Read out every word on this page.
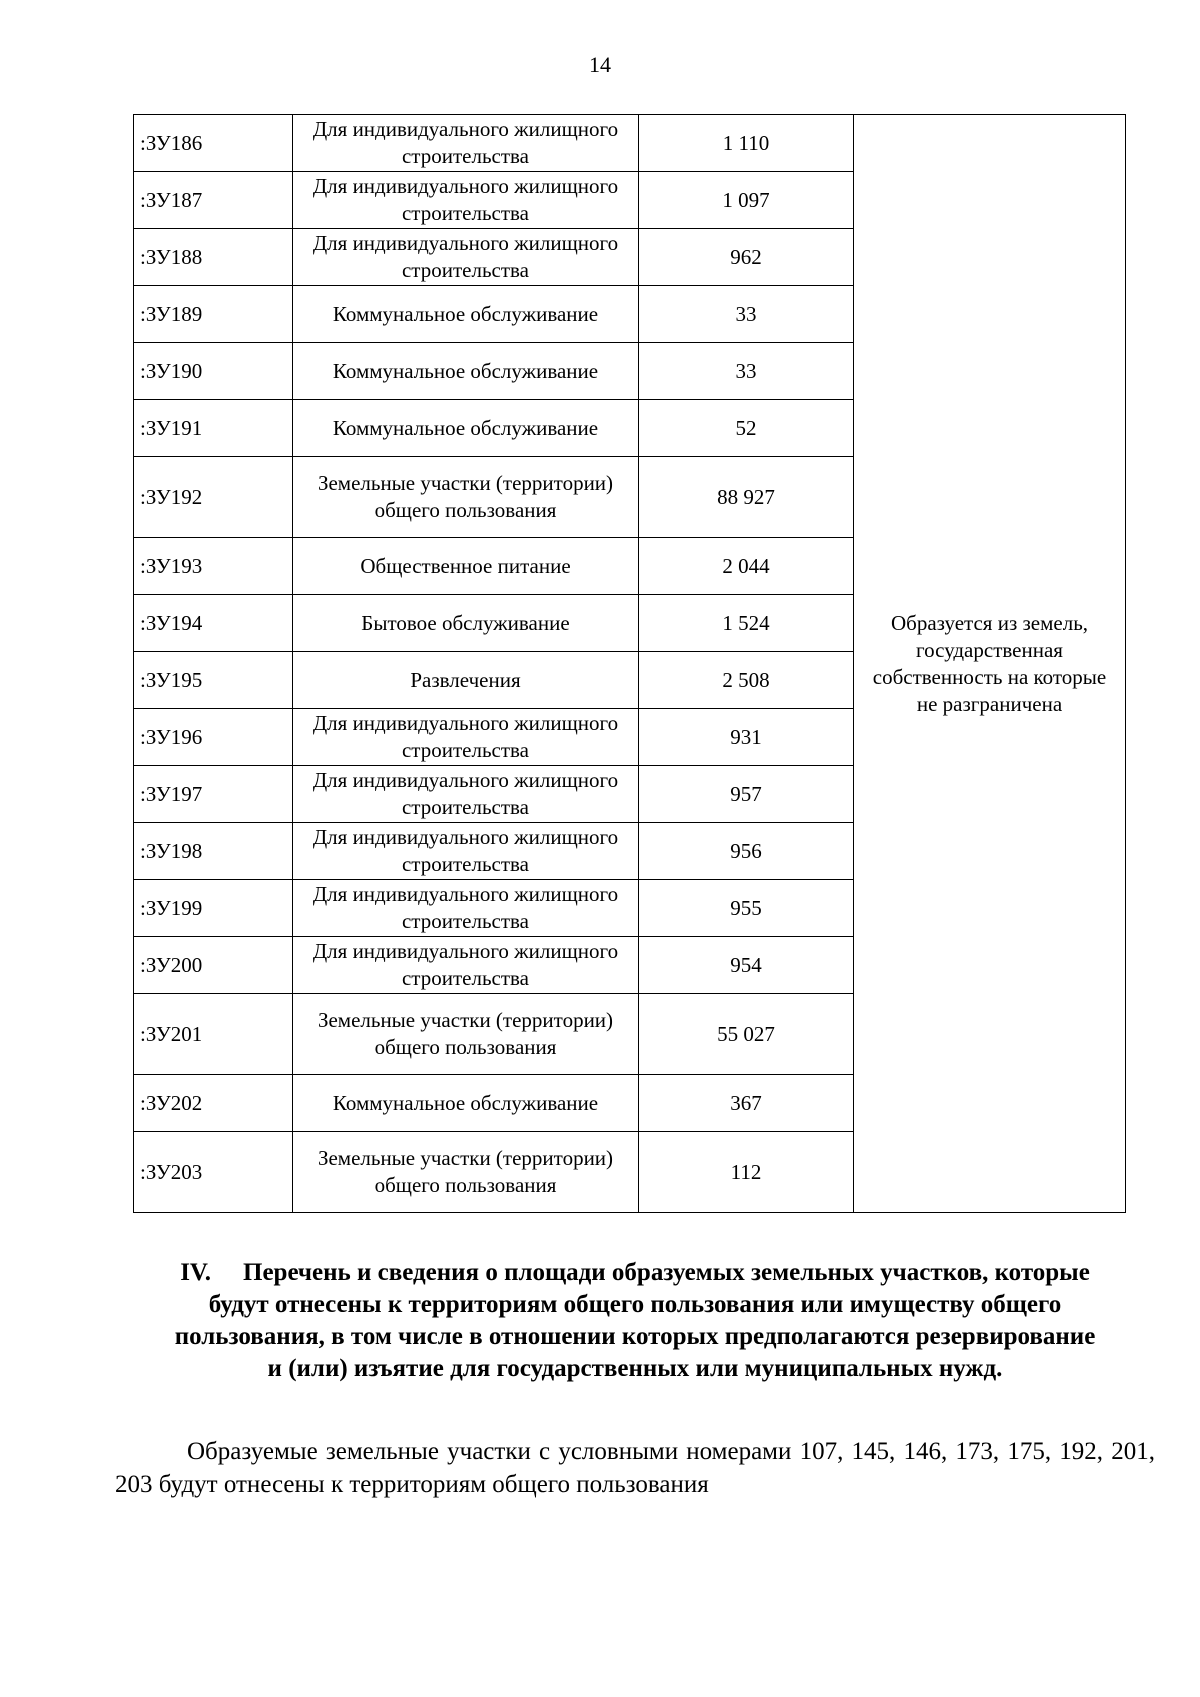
14
:ЗУ186	Для индивидуального жилищного строительства	1 110	Образуется из земель, государственная собственность на которые не разграничена
:ЗУ187	Для индивидуального жилищного строительства	1 097	
:ЗУ188	Для индивидуального жилищного строительства	962	
:ЗУ189	Коммунальное обслуживание	33	
:ЗУ190	Коммунальное обслуживание	33	
:ЗУ191	Коммунальное обслуживание	52	
:ЗУ192	Земельные участки (территории) общего пользования	88 927	
:ЗУ193	Общественное питание	2 044	
:ЗУ194	Бытовое обслуживание	1 524	
:ЗУ195	Развлечения	2 508	
:ЗУ196	Для индивидуального жилищного строительства	931	
:ЗУ197	Для индивидуального жилищного строительства	957	
:ЗУ198	Для индивидуального жилищного строительства	956	
:ЗУ199	Для индивидуального жилищного строительства	955	
:ЗУ200	Для индивидуального жилищного строительства	954	
:ЗУ201	Земельные участки (территории) общего пользования	55 027	
:ЗУ202	Коммунальное обслуживание	367	
:ЗУ203	Земельные участки (территории) общего пользования	112	
IV. Перечень и сведения о площади образуемых земельных участков, которые будут отнесены к территориям общего пользования или имуществу общего пользования, в том числе в отношении которых предполагаются резервирование и (или) изъятие для государственных или муниципальных нужд.
Образуемые земельные участки с условными номерами 107, 145, 146, 173, 175, 192, 201, 203 будут отнесены к территориям общего пользования
